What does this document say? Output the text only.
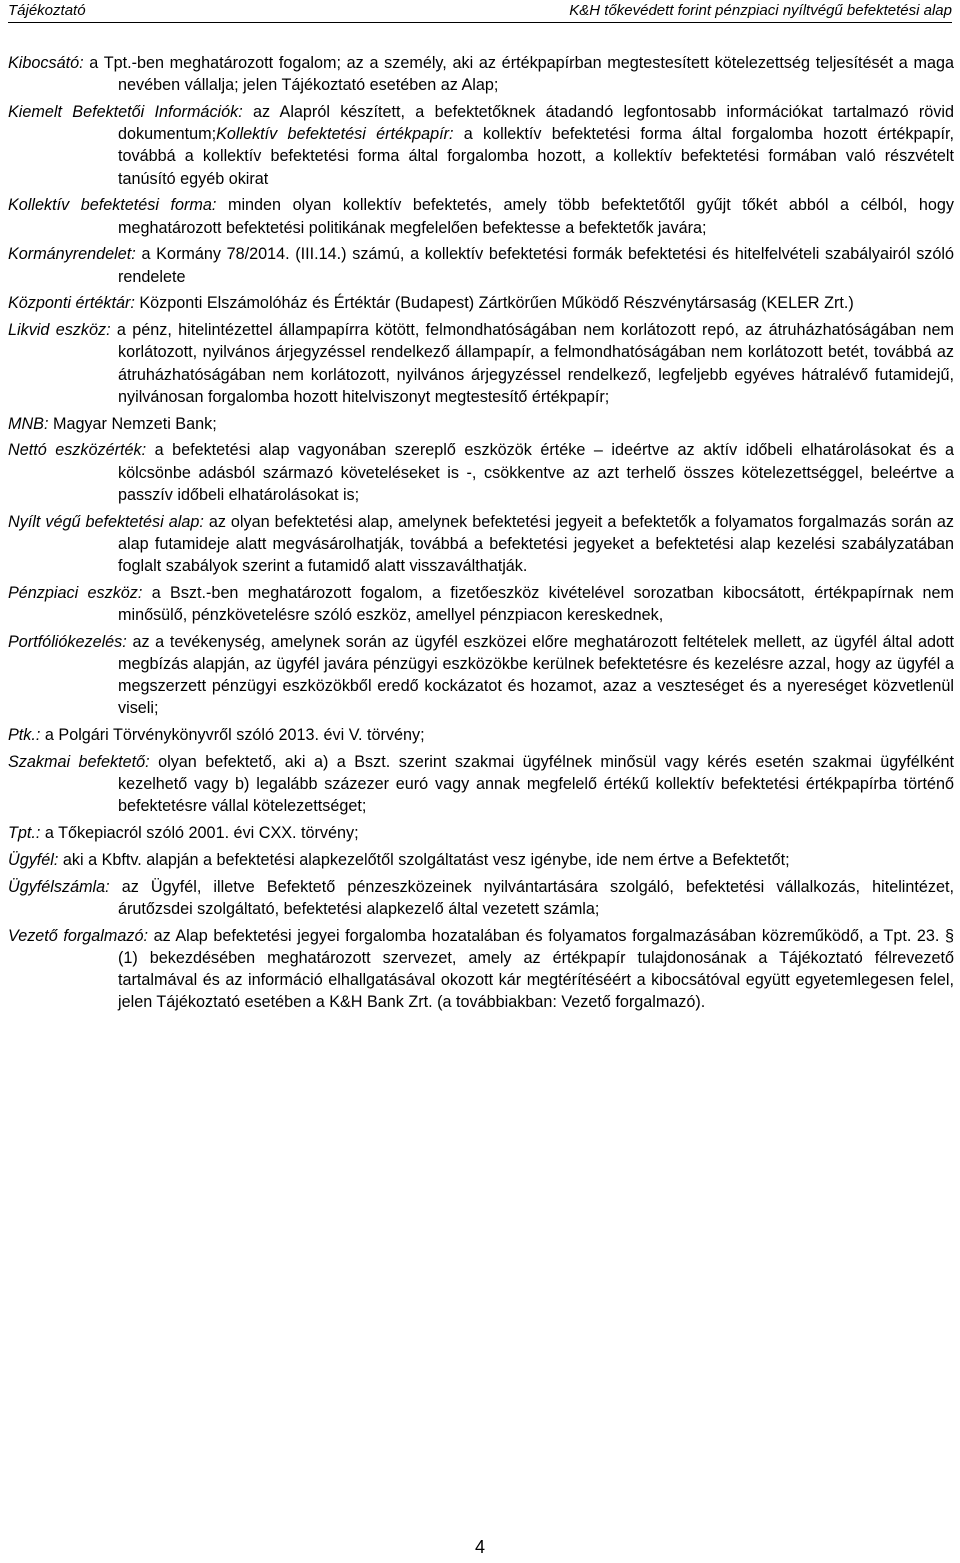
Tájékoztató	K&H tőkevédett forint pénzpiaci nyíltvégű befektetési alap
Kibocsátó: a Tpt.-ben meghatározott fogalom; az a személy, aki az értékpapírban megtestesített kötelezettség teljesítését a maga nevében vállalja; jelen Tájékoztató esetében az Alap;
Kiemelt Befektetői Információk: az Alapról készített, a befektetőknek átadandó legfontosabb információkat tartalmazó rövid dokumentum;Kollektív befektetési értékpapír: a kollektív befektetési forma által forgalomba hozott értékpapír, továbbá a kollektív befektetési forma által forgalomba hozott, a kollektív befektetési formában való részvételt tanúsító egyéb okirat
Kollektív befektetési forma: minden olyan kollektív befektetés, amely több befektetőtől gyűjt tőkét abból a célból, hogy meghatározott befektetési politikának megfelelően befektesse a befektetők javára;
Kormányrendelet: a Kormány 78/2014. (III.14.) számú, a kollektív befektetési formák befektetési és hitelfelvételi szabályairól szóló rendelete
Központi értéktár: Központi Elszámolóház és Értéktár (Budapest) Zártkörűen Működő Részvénytársaság (KELER Zrt.)
Likvid eszköz: a pénz, hitelintézettel állampapírra kötött, felmondhatóságában nem korlátozott repó, az átruházhatóságában nem korlátozott, nyilvános árjegyzéssel rendelkező állampapír, a felmondhatóságában nem korlátozott betét, továbbá az átruházhatóságában nem korlátozott, nyilvános árjegyzéssel rendelkező, legfeljebb egyéves hátralévő futamidejű, nyilvánosan forgalomba hozott hitelviszonyt megtestesítő értékpapír;
MNB: Magyar Nemzeti Bank;
Nettó eszközérték: a befektetési alap vagyonában szereplő eszközök értéke – ideértve az aktív időbeli elhatárolásokat és a kölcsönbe adásból származó követeléseket is -, csökkentve az azt terhelő összes kötelezettséggel, beleértve a passzív időbeli elhatárolásokat is;
Nyílt végű befektetési alap: az olyan befektetési alap, amelynek befektetési jegyeit a befektetők a folyamatos forgalmazás során az alap futamideje alatt megvásárolhatják, továbbá a befektetési jegyeket a befektetési alap kezelési szabályzatában foglalt szabályok szerint a futamidő alatt visszaválthatják.
Pénzpiaci eszköz: a Bszt.-ben meghatározott fogalom, a fizetőeszköz kivételével sorozatban kibocsátott, értékpapírnak nem minősülő, pénzkövetelésre szóló eszköz, amellyel pénzpiacon kereskednek,
Portfóliókezelés: az a tevékenység, amelynek során az ügyfél eszközei előre meghatározott feltételek mellett, az ügyfél által adott megbízás alapján, az ügyfél javára pénzügyi eszközökbe kerülnek befektetésre és kezelésre azzal, hogy az ügyfél a megszerzett pénzügyi eszközökből eredő kockázatot és hozamot, azaz a veszteséget és a nyereséget közvetlenül viseli;
Ptk.: a Polgári Törvénykönyvről szóló 2013. évi V. törvény;
Szakmai befektető: olyan befektető, aki a) a Bszt. szerint szakmai ügyfélnek minősül vagy kérés esetén szakmai ügyfélként kezelhető vagy b) legalább százezer euró vagy annak megfelelő értékű kollektív befektetési értékpapírba történő befektetésre vállal kötelezettséget;
Tpt.: a Tőkepiacról szóló 2001. évi CXX. törvény;
Ügyfél: aki a Kbftv. alapján a befektetési alapkezelőtől szolgáltatást vesz igénybe, ide nem értve a Befektetőt;
Ügyfélszámla: az Ügyfél, illetve Befektető pénzeszközeinek nyilvántartására szolgáló, befektetési vállalkozás, hitelintézet, árutőzsdei szolgáltató, befektetési alapkezelő által vezetett számla;
Vezető forgalmazó: az Alap befektetési jegyei forgalomba hozatalában és folyamatos forgalmazásában közreműködő, a Tpt. 23. § (1) bekezdésében meghatározott szervezet, amely az értékpapír tulajdonosának a Tájékoztató félrevezető tartalmával és az információ elhallgatásával okozott kár megtérítéséért a kibocsátóval együtt egyetemlegesen felel, jelen Tájékoztató esetében a K&H Bank Zrt. (a továbbiakban: Vezető forgalmazó).
4
